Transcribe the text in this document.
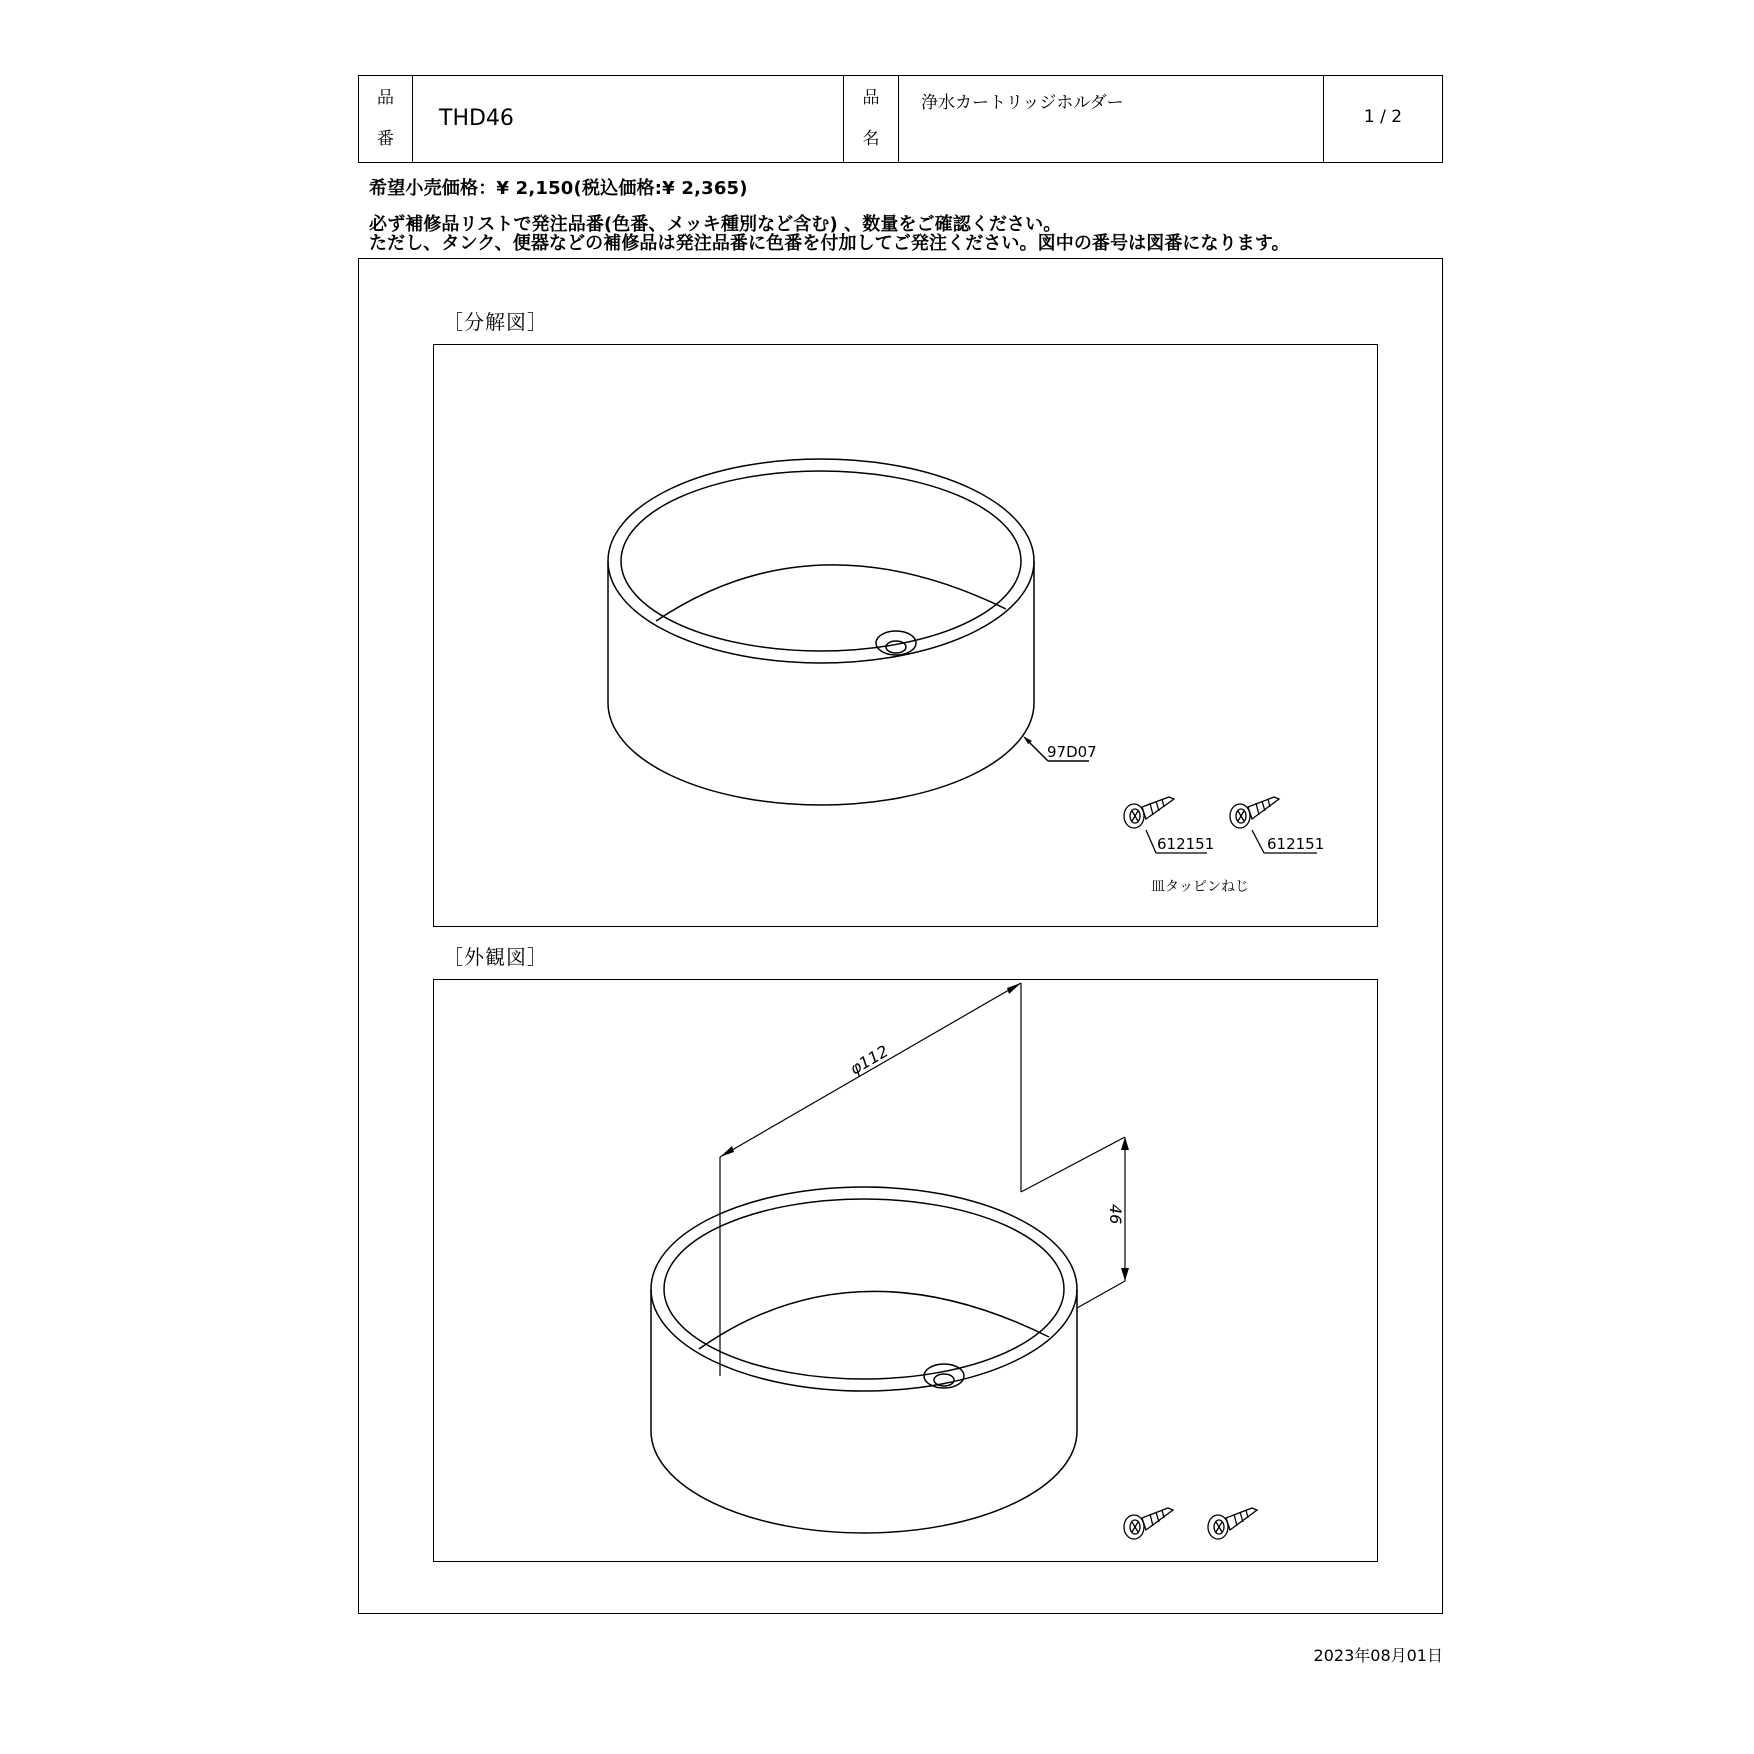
品
番
THD46
品
名
浄水カートリッジホルダー
1 / 2
希望小売価格：¥ 2,150(税込価格:¥ 2,365)
必ず補修品リストで発注品番(色番、メッキ種別など含む) 、数量をご確認ください。
ただし、タンク、便器などの補修品は発注品番に色番を付加してご発注ください。図中の番号は図番になります。
［分解図］
97D07
612151	612151
皿タッピンねじ
［外観図］
φ112
46
2023年08月01日
